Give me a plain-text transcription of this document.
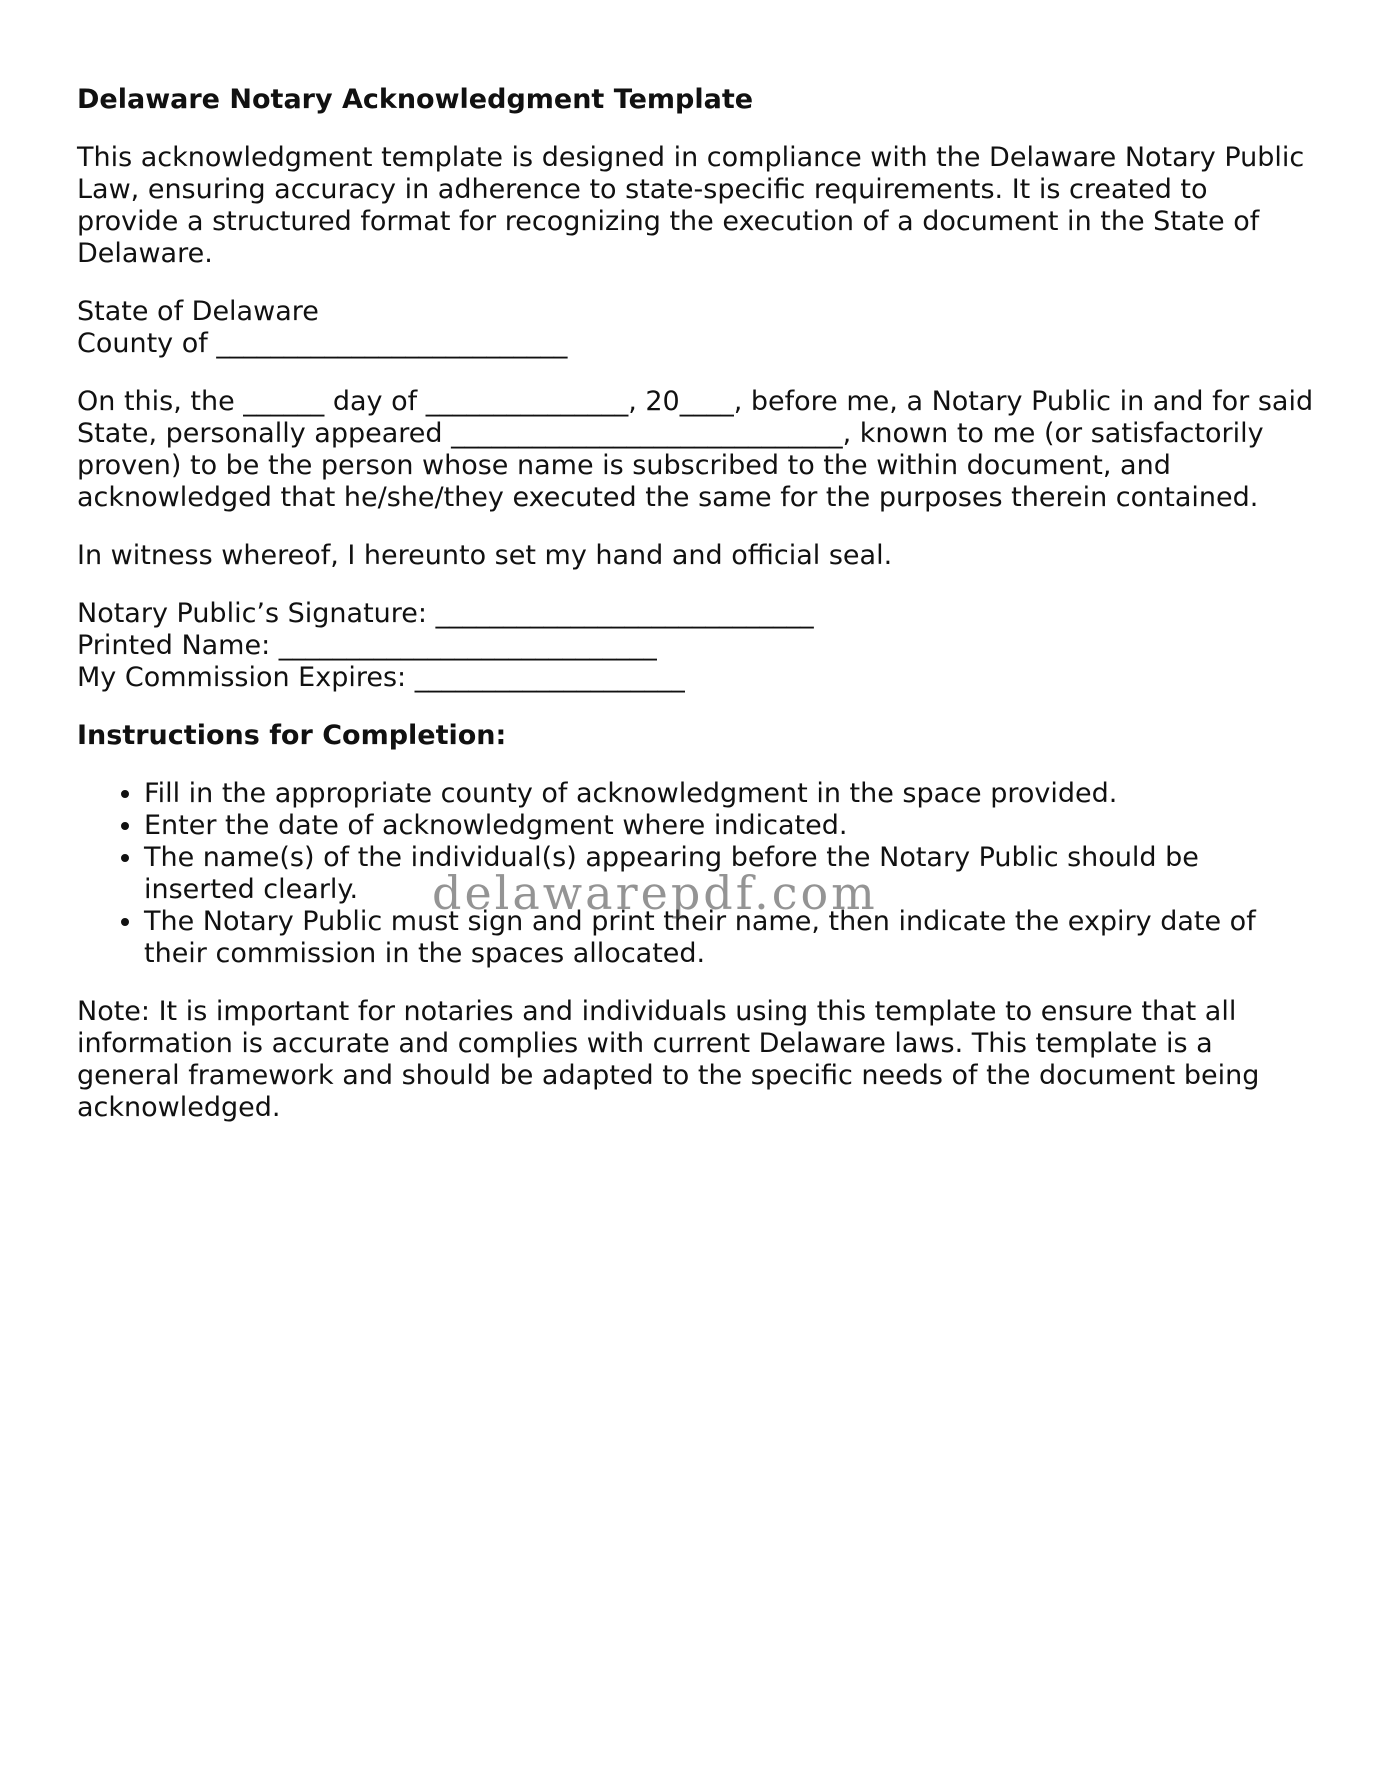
Delaware Notary Acknowledgment Template

This acknowledgment template is designed in compliance with the Delaware Notary Public Law, ensuring accuracy in adherence to state-specific requirements. It is created to provide a structured format for recognizing the execution of a document in the State of Delaware.

State of Delaware
County of __________________________

On this, the ______ day of _______________, 20____, before me, a Notary Public in and for said State, personally appeared _____________________________, known to me (or satisfactorily proven) to be the person whose name is subscribed to the within document, and acknowledged that he/she/they executed the same for the purposes therein contained.

In witness whereof, I hereunto set my hand and official seal.

Notary Public’s Signature: ____________________________
Printed Name: ____________________________
My Commission Expires: ____________________

Instructions for Completion:
• Fill in the appropriate county of acknowledgment in the space provided.
• Enter the date of acknowledgment where indicated.
• The name(s) of the individual(s) appearing before the Notary Public should be inserted clearly.
• The Notary Public must sign and print their name, then indicate the expiry date of their commission in the spaces allocated.

Note: It is important for notaries and individuals using this template to ensure that all information is accurate and complies with current Delaware laws. This template is a general framework and should be adapted to the specific needs of the document being acknowledged.

delawarepdf.com
